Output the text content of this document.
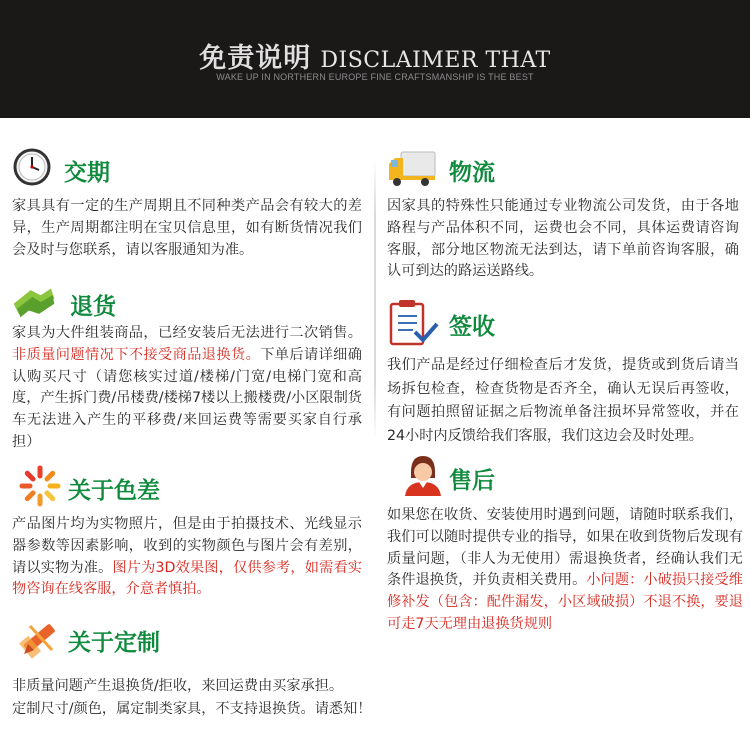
免责说明 DISCLAIMER THAT
WAKE UP IN NORTHERN EUROPE FINE CRAFTSMANSHIP IS THE BEST
交期

家具具有一定的生产周期且不同种类产品会有较大的差异，生产周期都注明在宝贝信息里，如有断货情况我们会及时与您联系，请以客服通知为准。

退货

家具为大件组装商品，已经安装后无法进行二次销售。非质量问题情况下不接受商品退换货。下单后请详细确认购买尺寸（请您核实过道/楼梯/门宽/电梯门宽和高度，产生拆门费/吊楼费/楼梯7楼以上搬楼费/小区限制货车无法进入产生的平移费/来回运费等需要买家自行承担）

关于色差

产品图片均为实物照片，但是由于拍摄技术、光线显示器参数等因素影响，收到的实物颜色与图片会有差别，请以实物为准。图片为3D效果图，仅供参考，如需看实物咨询在线客服，介意者慎拍。

关于定制

非质量问题产生退换货/拒收，来回运费由买家承担。

定制尺寸/颜色，属定制类家具，不支持退换货。请悉知！

物流

因家具的特殊性只能通过专业物流公司发货，由于各地路程与产品体积不同，运费也会不同，具体运费请咨询客服，部分地区物流无法到达，请下单前咨询客服，确认可到达的路运送路线。

签收

我们产品是经过仔细检查后才发货，提货或到货后请当场拆包检查，检查货物是否齐全，确认无误后再签收，有问题拍照留证据之后物流单备注损坏异常签收，并在24小时内反馈给我们客服，我们这边会及时处理。

售后

如果您在收货、安装使用时遇到问题，请随时联系我们，我们可以随时提供专业的指导，如果在收到货物后发现有质量问题，（非人为无使用）需退换货者，经确认我们无条件退换货，并负责相关费用。小问题：小破损只接受维修补发（包含：配件漏发，小区域破损）不退不换，要退可走7天无理由退换货规则
